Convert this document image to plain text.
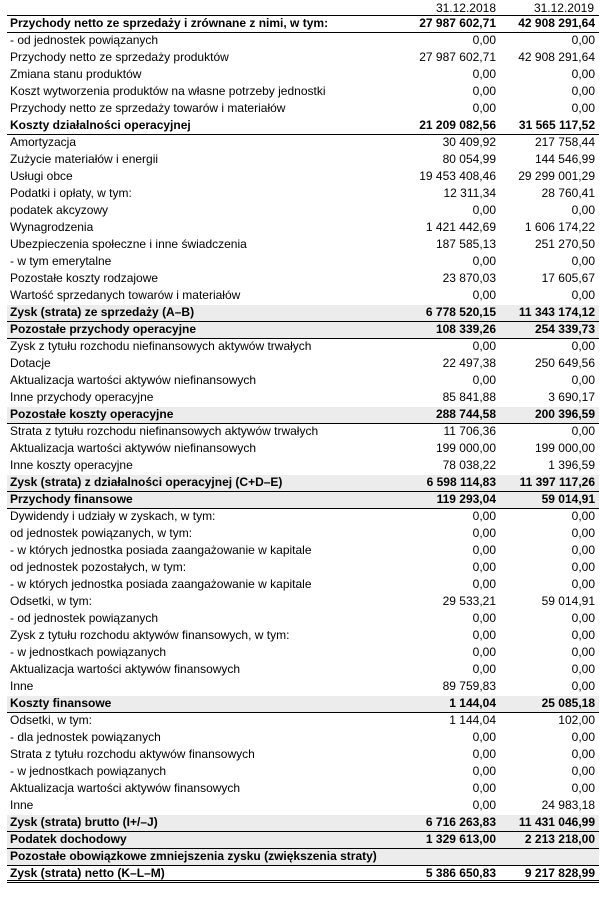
31.12.2018	31.12.2019
Przychody netto ze sprzedaży i zrównane z nimi, w tym:	27 987 602,71	42 908 291,64
- od jednostek powiązanych	0,00	0,00
Przychody netto ze sprzedaży produktów	27 987 602,71	42 908 291,64
Zmiana stanu produktów	0,00	0,00
Koszt wytworzenia produktów na własne potrzeby jednostki	0,00	0,00
Przychody netto ze sprzedaży towarów i materiałów	0,00	0,00
Koszty działalności operacyjnej	21 209 082,56	31 565 117,52
Amortyzacja	30 409,92	217 758,44
Zużycie materiałów i energii	80 054,99	144 546,99
Usługi obce	19 453 408,46	29 299 001,29
Podatki i opłaty, w tym:	12 311,34	28 760,41
podatek akcyzowy	0,00	0,00
Wynagrodzenia	1 421 442,69	1 606 174,22
Ubezpieczenia społeczne i inne świadczenia	187 585,13	251 270,50
- w tym emerytalne	0,00	0,00
Pozostałe koszty rodzajowe	23 870,03	17 605,67
Wartość sprzedanych towarów i materiałów	0,00	0,00
Zysk (strata) ze sprzedaży (A–B)	6 778 520,15	11 343 174,12
Pozostałe przychody operacyjne	108 339,26	254 339,73
Zysk z tytułu rozchodu niefinansowych aktywów trwałych	0,00	0,00
Dotacje	22 497,38	250 649,56
Aktualizacja wartości aktywów niefinansowych	0,00	0,00
Inne przychody operacyjne	85 841,88	3 690,17
Pozostałe koszty operacyjne	288 744,58	200 396,59
Strata z tytułu rozchodu niefinansowych aktywów trwałych	11 706,36	0,00
Aktualizacja wartości aktywów niefinansowych	199 000,00	199 000,00
Inne koszty operacyjne	78 038,22	1 396,59
Zysk (strata) z działalności operacyjnej (C+D–E)	6 598 114,83	11 397 117,26
Przychody finansowe	119 293,04	59 014,91
Dywidendy i udziały w zyskach, w tym:	0,00	0,00
od jednostek powiązanych, w tym:	0,00	0,00
- w których jednostka posiada zaangażowanie w kapitale	0,00	0,00
od jednostek pozostałych, w tym:	0,00	0,00
- w których jednostka posiada zaangażowanie w kapitale	0,00	0,00
Odsetki, w tym:	29 533,21	59 014,91
- od jednostek powiązanych	0,00	0,00
Zysk z tytułu rozchodu aktywów finansowych, w tym:	0,00	0,00
- w jednostkach powiązanych	0,00	0,00
Aktualizacja wartości aktywów finansowych	0,00	0,00
Inne	89 759,83	0,00
Koszty finansowe	1 144,04	25 085,18
Odsetki, w tym:	1 144,04	102,00
- dla jednostek powiązanych	0,00	0,00
Strata z tytułu rozchodu aktywów finansowych	0,00	0,00
- w jednostkach powiązanych	0,00	0,00
Aktualizacja wartości aktywów finansowych	0,00	0,00
Inne	0,00	24 983,18
Zysk (strata) brutto (I+/–J)	6 716 263,83	11 431 046,99
Podatek dochodowy	1 329 613,00	2 213 218,00
Pozostałe obowiązkowe zmniejszenia zysku (zwiększenia straty)
Zysk (strata) netto (K–L–M)	5 386 650,83	9 217 828,99
